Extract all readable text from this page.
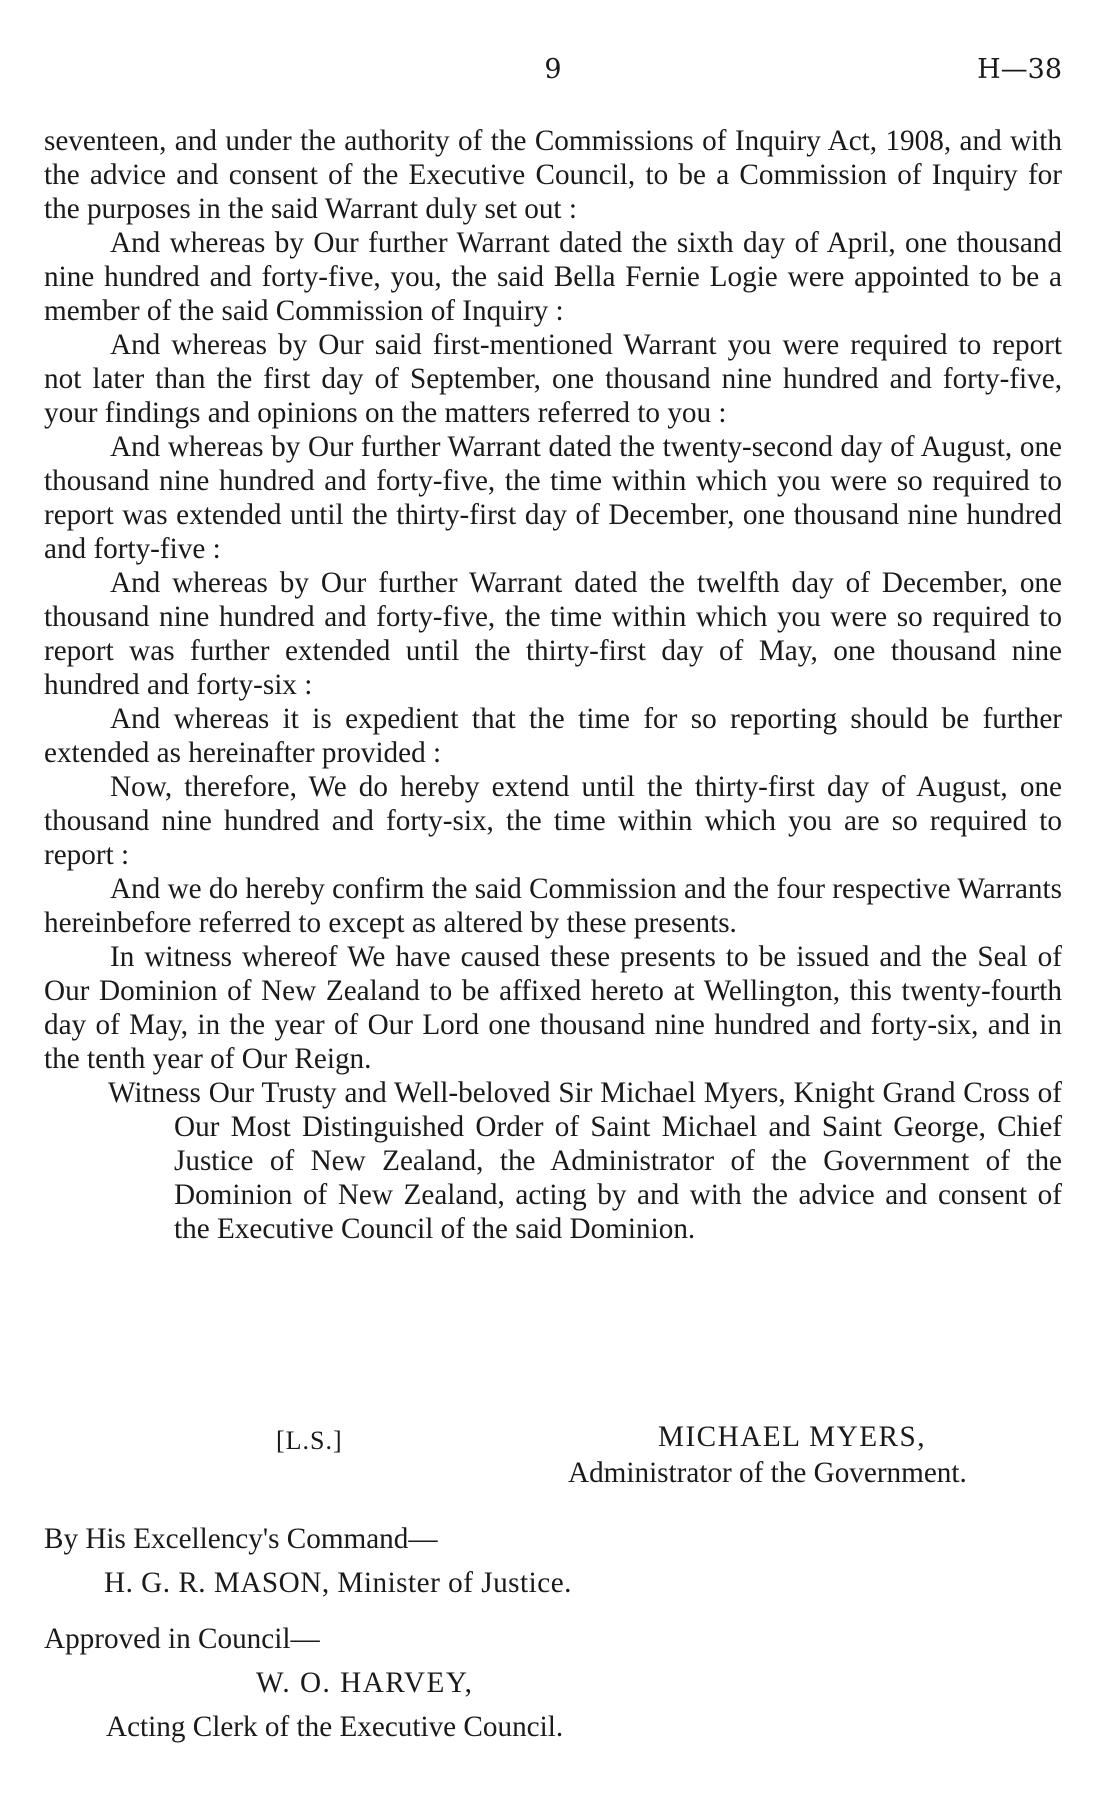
9	H—38

seventeen, and under the authority of the Commissions of Inquiry Act, 1908, and with the advice and consent of the Executive Council, to be a Commission of Inquiry for the purposes in the said Warrant duly set out :

And whereas by Our further Warrant dated the sixth day of April, one thousand nine hundred and forty-five, you, the said Bella Fernie Logie were appointed to be a member of the said Commission of Inquiry :

And whereas by Our said first-mentioned Warrant you were required to report not later than the first day of September, one thousand nine hundred and forty-five, your findings and opinions on the matters referred to you :

And whereas by Our further Warrant dated the twenty-second day of August, one thousand nine hundred and forty-five, the time within which you were so required to report was extended until the thirty-first day of December, one thousand nine hundred and forty-five :

And whereas by Our further Warrant dated the twelfth day of December, one thousand nine hundred and forty-five, the time within which you were so required to report was further extended until the thirty-first day of May, one thousand nine hundred and forty-six :

And whereas it is expedient that the time for so reporting should be further extended as hereinafter provided :

Now, therefore, We do hereby extend until the thirty-first day of August, one thousand nine hundred and forty-six, the time within which you are so required to report :

And we do hereby confirm the said Commission and the four respective Warrants hereinbefore referred to except as altered by these presents.

In witness whereof We have caused these presents to be issued and the Seal of Our Dominion of New Zealand to be affixed hereto at Wellington, this twenty-fourth day of May, in the year of Our Lord one thousand nine hundred and forty-six, and in the tenth year of Our Reign.

Witness Our Trusty and Well-beloved Sir Michael Myers, Knight Grand Cross of Our Most Distinguished Order of Saint Michael and Saint George, Chief Justice of New Zealand, the Administrator of the Government of the Dominion of New Zealand, acting by and with the advice and consent of the Executive Council of the said Dominion.

[L.S.]	MICHAEL MYERS,
Administrator of the Government.
By His Excellency's Command—
H. G. R. MASON, Minister of Justice.
Approved in Council—
W. O. HARVEY,
Acting Clerk of the Executive Council.
